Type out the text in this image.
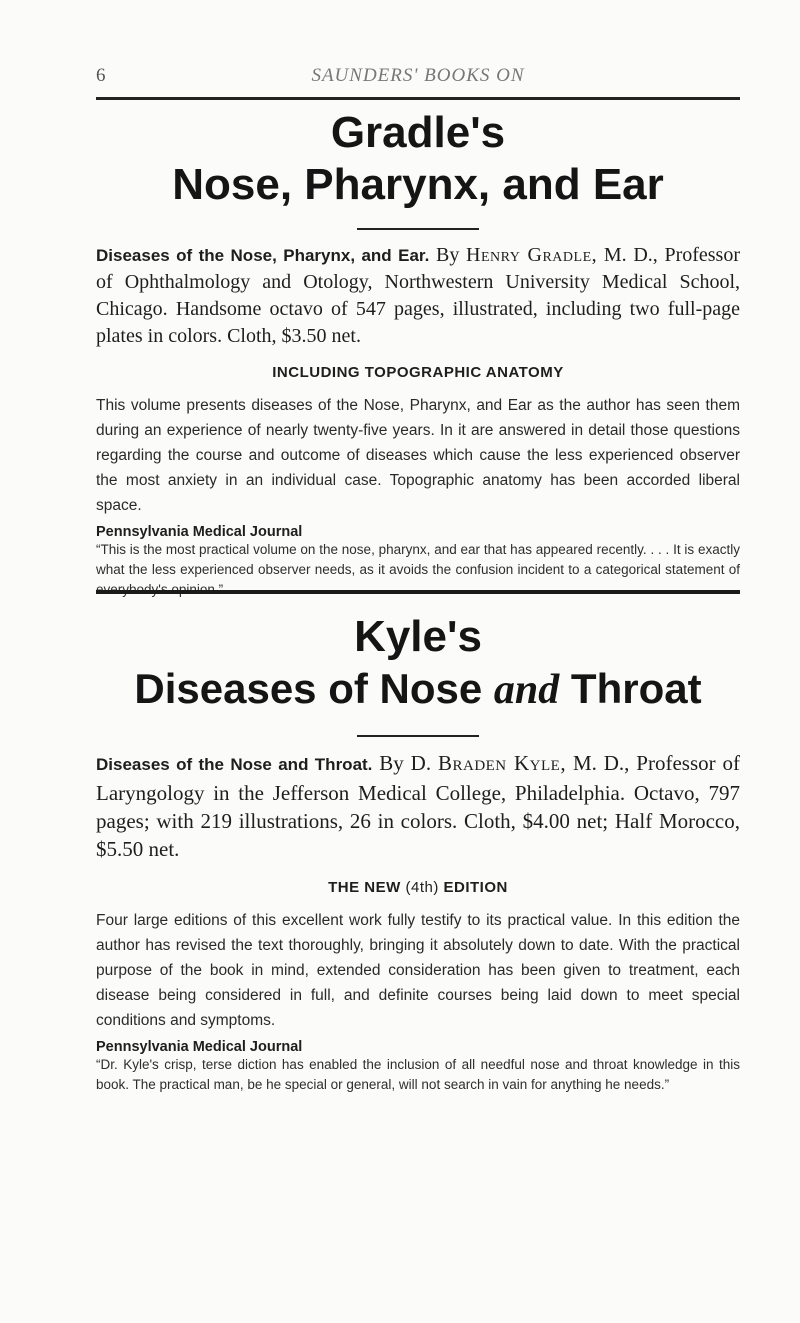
6	SAUNDERS' BOOKS ON
Gradle's
Nose, Pharynx, and Ear

Diseases of the Nose, Pharynx, and Ear. By Henry Gradle, M. D., Professor of Ophthalmology and Otology, Northwestern University Medical School, Chicago. Handsome octavo of 547 pages, illustrated, including two full-page plates in colors. Cloth, $3.50 net.

INCLUDING TOPOGRAPHIC ANATOMY

This volume presents diseases of the Nose, Pharynx, and Ear as the author has seen them during an experience of nearly twenty-five years. In it are answered in detail those questions regarding the course and outcome of diseases which cause the less experienced observer the most anxiety in an individual case. Topographic anatomy has been accorded liberal space.

Pennsylvania Medical Journal

“This is the most practical volume on the nose, pharynx, and ear that has appeared recently. . . . It is exactly what the less experienced observer needs, as it avoids the confusion incident to a categorical statement of

Kyle's
Diseases of Nose and Throat

Diseases of the Nose and Throat. By D. Braden Kyle, M. D., Professor of Laryngology in the Jefferson Medical College, Philadelphia. Octavo, 797 pages; with 219 illustrations, 26 in colors. Cloth, $4.00 net; Half Morocco, $5.50 net.

THE NEW (4th) EDITION

Four large editions of this excellent work fully testify to its practical value. In this edition the author has revised the text thoroughly, bringing it absolutely down to date. With the practical purpose of the book in mind, extended consideration has been given to treatment, each disease being considered in full, and definite courses being laid down to meet special conditions and symptoms.

Pennsylvania Medical Journal

“Dr. Kyle's crisp, terse diction has enabled the inclusion of all needful nose and throat knowledge in this book. The practical man, be he special or general, will not search in vain for anything he needs.”
